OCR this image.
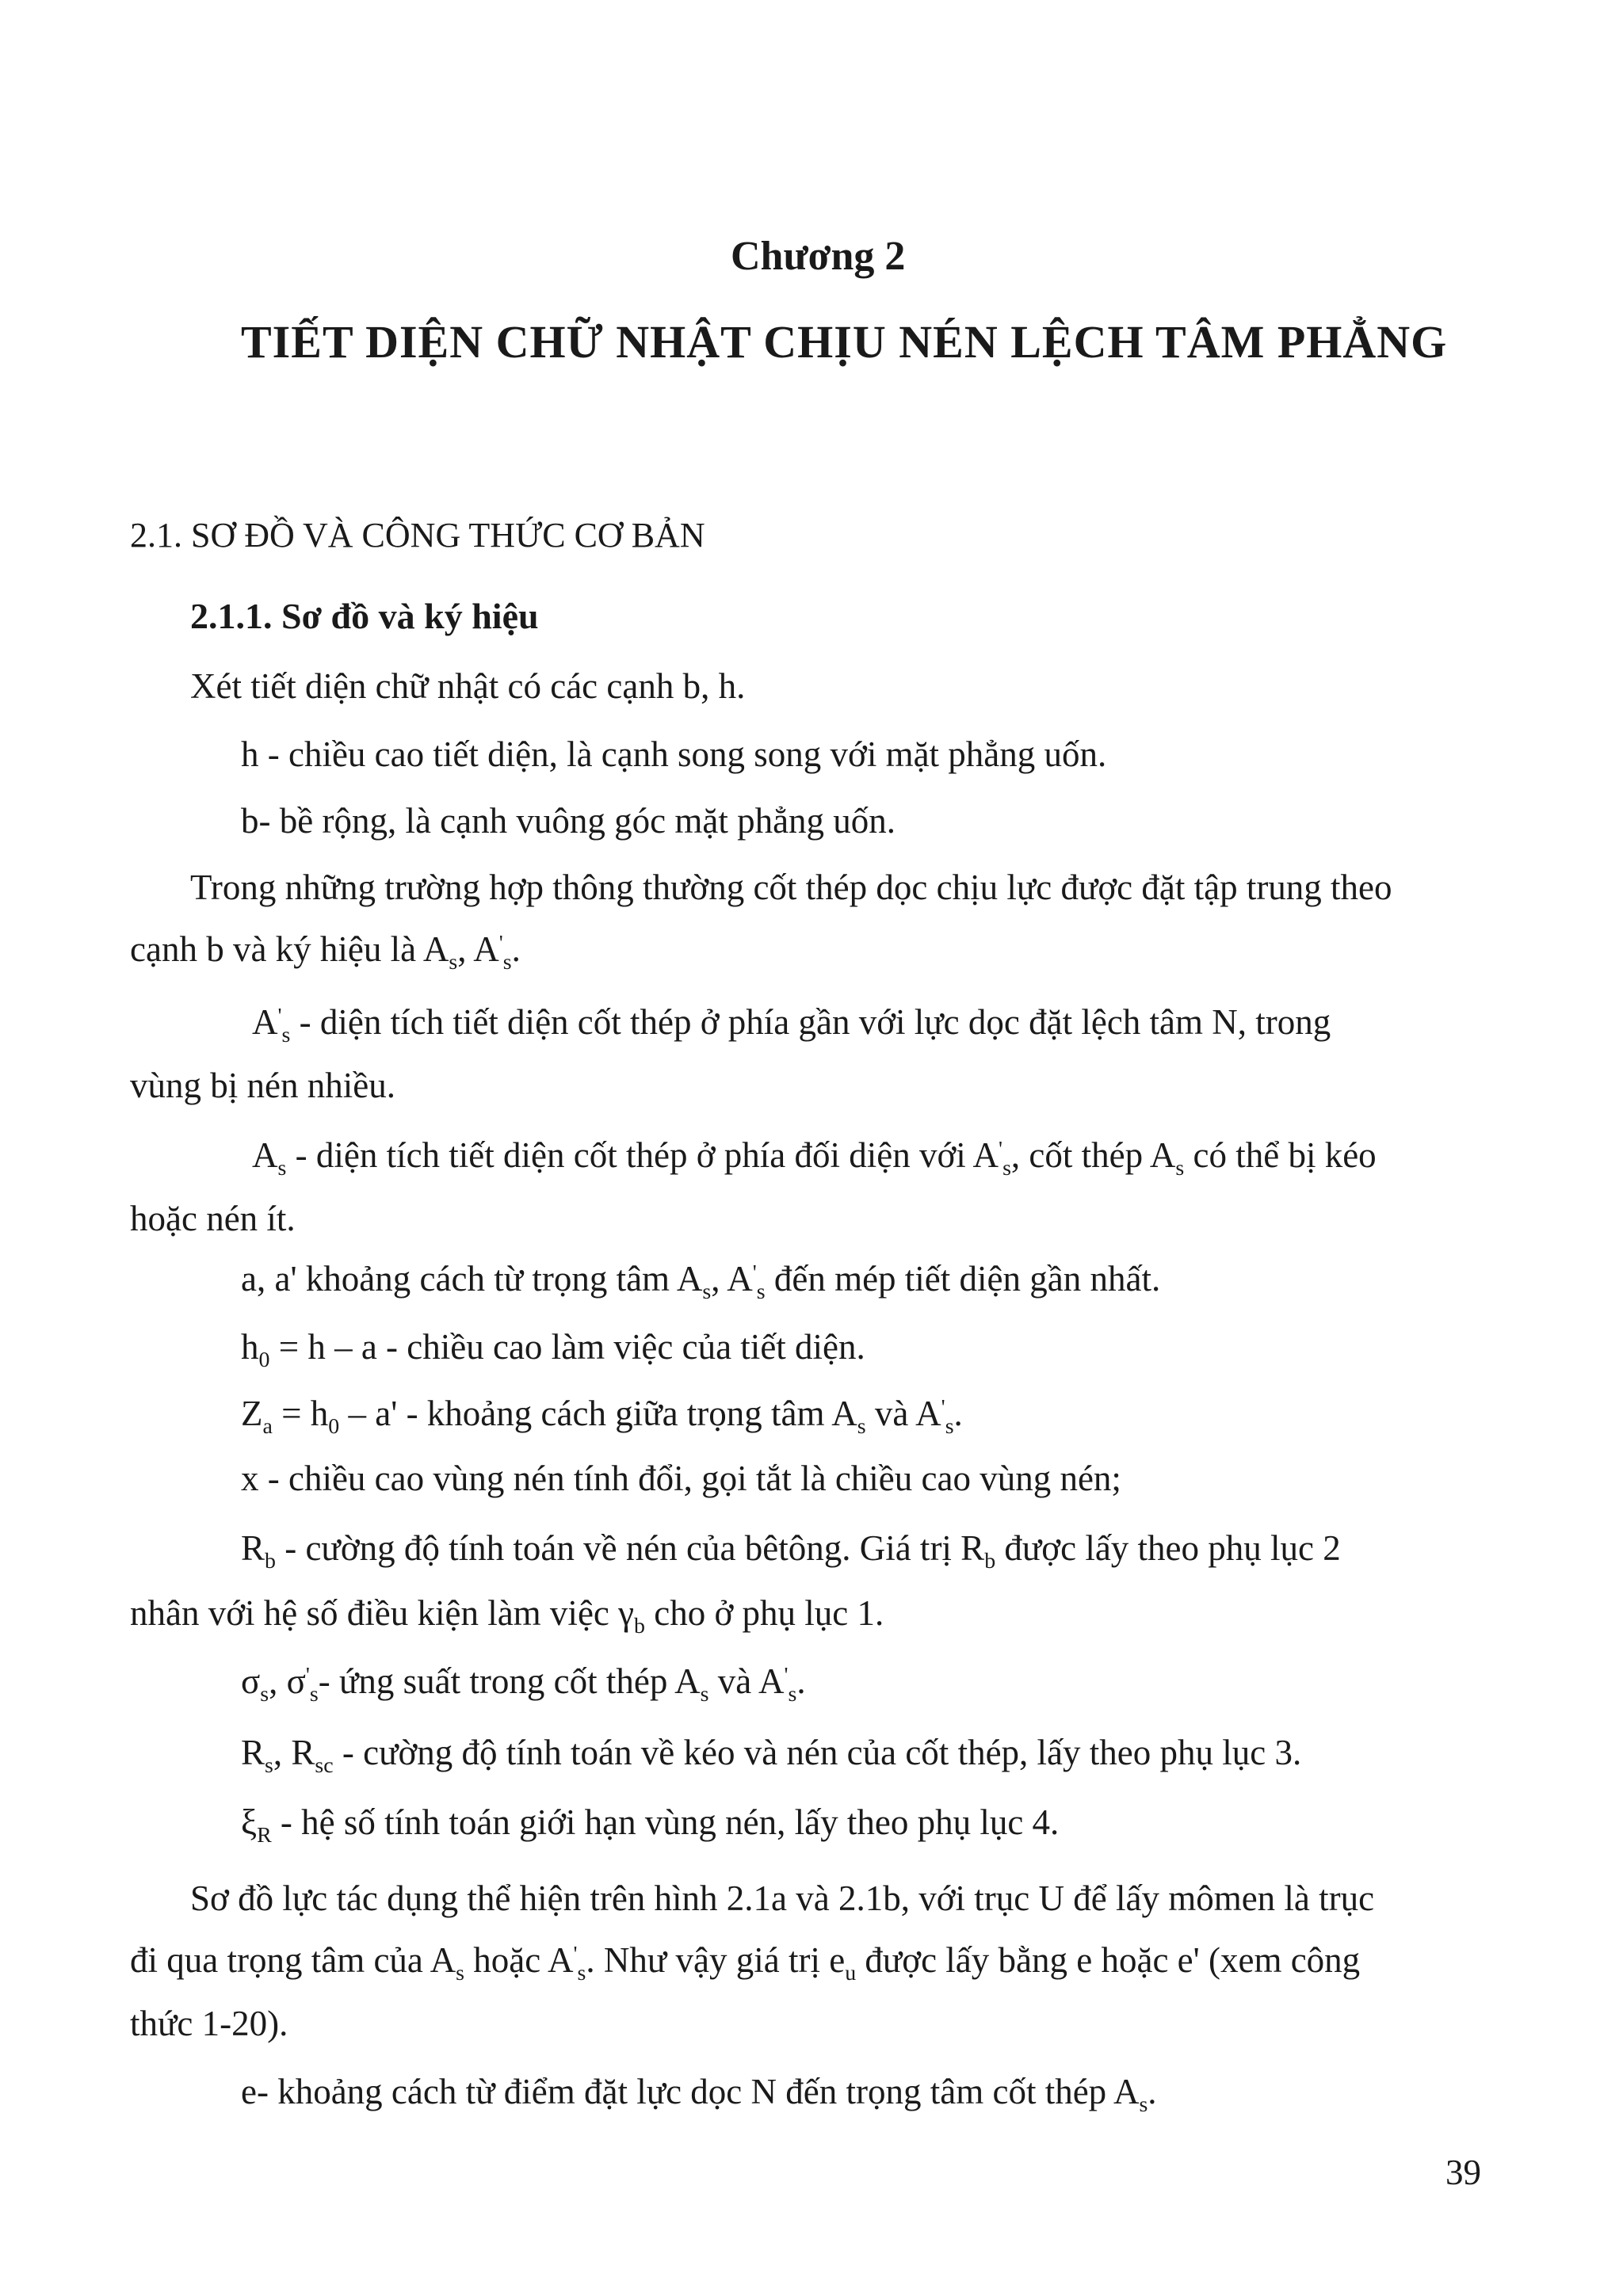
Chương 2
TIẾT DIỆN CHỮ NHẬT CHỊU NÉN LỆCH TÂM PHẲNG
2.1. SƠ ĐỒ VÀ CÔNG THỨC CƠ BẢN
2.1.1. Sơ đồ và ký hiệu
Xét tiết diện chữ nhật có các cạnh b, h.
h - chiều cao tiết diện, là cạnh song song với mặt phẳng uốn.
b- bề rộng, là cạnh vuông góc mặt phẳng uốn.
Trong những trường hợp thông thường cốt thép dọc chịu lực được đặt tập trung theo
cạnh b và ký hiệu là $A_s$, $A'_s$.
$A'_s$ - diện tích tiết diện cốt thép ở phía gần với lực dọc đặt lệch tâm N, trong
vùng bị nén nhiều.
$A_s$ - diện tích tiết diện cốt thép ở phía đối diện với $A'_s$, cốt thép $A_s$ có thể bị kéo
hoặc nén ít.
a, a' khoảng cách từ trọng tâm $A_s$, $A'_s$ đến mép tiết diện gần nhất.
$h_0 = h - a$ - chiều cao làm việc của tiết diện.
$Z_a = h_0 - a'$ - khoảng cách giữa trọng tâm $A_s$ và $A'_s$.
x - chiều cao vùng nén tính đổi, gọi tắt là chiều cao vùng nén;
$R_b$ - cường độ tính toán về nén của bêtông. Giá trị $R_b$ được lấy theo phụ lục 2
nhân với hệ số điều kiện làm việc $\gamma_b$ cho ở phụ lục 1.
$\sigma_s$, $\sigma'_s-$ ứng suất trong cốt thép $A_s$ và $A'_s$.
$R_s$, $R_{sc}$ - cường độ tính toán về kéo và nén của cốt thép, lấy theo phụ lục 3.
$\xi_R$ - hệ số tính toán giới hạn vùng nén, lấy theo phụ lục 4.
Sơ đồ lực tác dụng thể hiện trên hình 2.1a và 2.1b, với trục U để lấy mômen là trục
đi qua trọng tâm của $A_s$ hoặc $A'_s$. Như vậy giá trị $e_u$ được lấy bằng e hoặc e' (xem công
thức 1-20).
e- khoảng cách từ điểm đặt lực dọc N đến trọng tâm cốt thép $A_s$.
39
